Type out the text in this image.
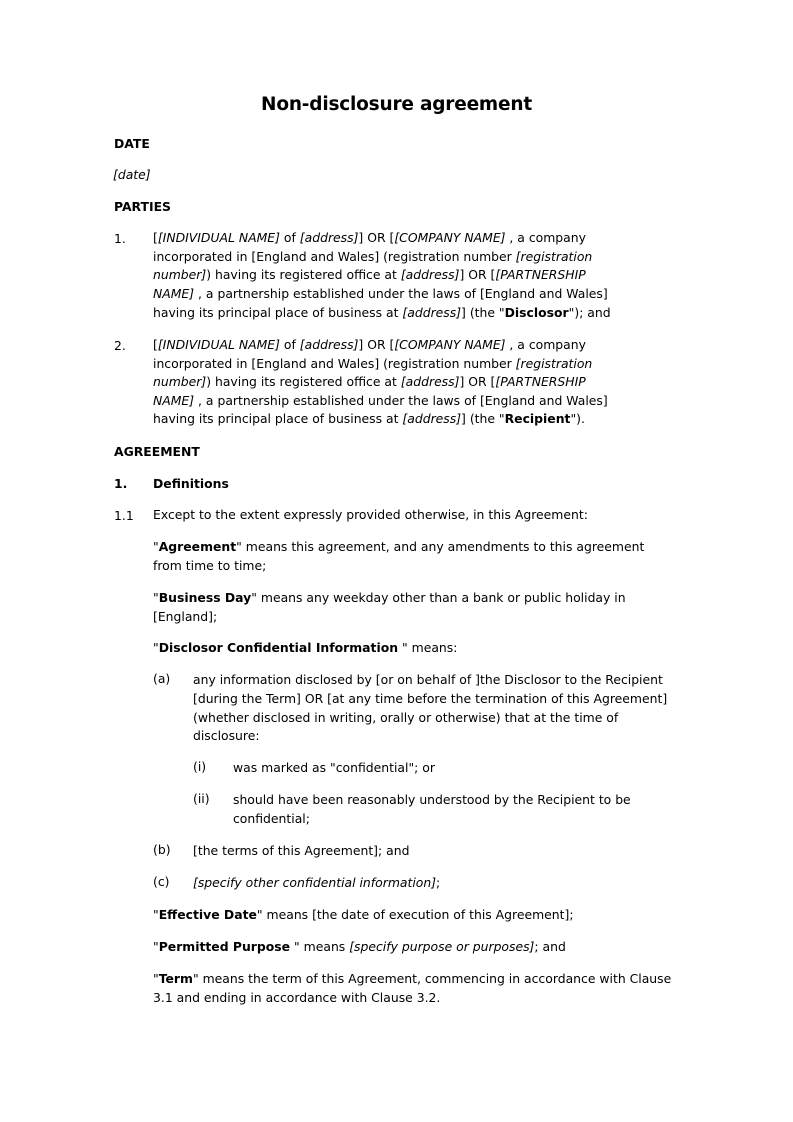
Non-disclosure agreement
DATE
[date]
PARTIES
1. [[INDIVIDUAL NAME] of [address]] OR [[COMPANY NAME] , a company
incorporated in [England and Wales] (registration number [registration
number]) having its registered office at [address]] OR [[PARTNERSHIP
NAME] , a partnership established under the laws of [England and Wales]
having its principal place of business at [address]] (the "Disclosor"); and
2. [[INDIVIDUAL NAME] of [address]] OR [[COMPANY NAME] , a company
incorporated in [England and Wales] (registration number [registration
number]) having its registered office at [address]] OR [[PARTNERSHIP
NAME] , a partnership established under the laws of [England and Wales]
having its principal place of business at [address]] (the "Recipient").
AGREEMENT
1. Definitions
1.1 Except to the extent expressly provided otherwise, in this Agreement:
"Agreement" means this agreement, and any amendments to this agreement from time to time;
"Business Day" means any weekday other than a bank or public holiday in [England];
"Disclosor Confidential Information " means:
(a) any information disclosed by [or on behalf of ]the Disclosor to the Recipient [during the Term] OR [at any time before the termination of this Agreement] (whether disclosed in writing, orally or otherwise) that at the time of disclosure:
(i) was marked as "confidential"; or
(ii) should have been reasonably understood by the Recipient to be confidential;
(b) [the terms of this Agreement]; and
(c) [specify other confidential information];
"Effective Date" means [the date of execution of this Agreement];
"Permitted Purpose " means [specify purpose or purposes]; and
"Term" means the term of this Agreement, commencing in accordance with Clause 3.1 and ending in accordance with Clause 3.2.
